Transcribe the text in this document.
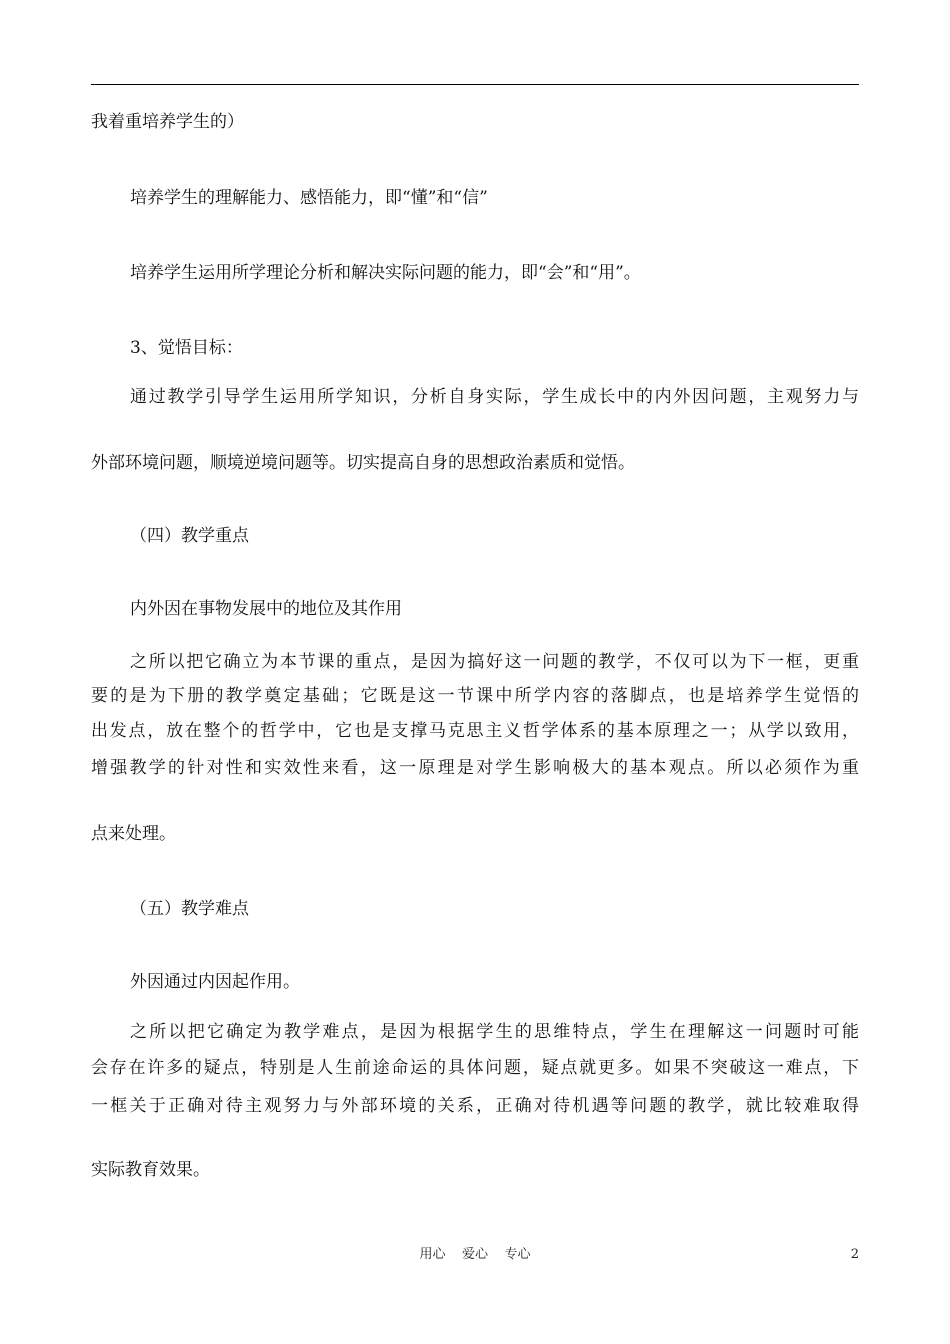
我着重培养学生的）
培养学生的理解能力、感悟能力，即“懂”和“信”
培养学生运用所学理论分析和解决实际问题的能力，即“会”和“用”。
3、觉悟目标：
通过教学引导学生运用所学知识，分析自身实际，学生成长中的内外因问题，主观努力与
外部环境问题，顺境逆境问题等。切实提高自身的思想政治素质和觉悟。
（四）教学重点
内外因在事物发展中的地位及其作用
之所以把它确立为本节课的重点，是因为搞好这一问题的教学，不仅可以为下一框，更重
要的是为下册的教学奠定基础；它既是这一节课中所学内容的落脚点，也是培养学生觉悟的
出发点，放在整个的哲学中，它也是支撑马克思主义哲学体系的基本原理之一；从学以致用，
增强教学的针对性和实效性来看，这一原理是对学生影响极大的基本观点。所以必须作为重
点来处理。
（五）教学难点
外因通过内因起作用。
之所以把它确定为教学难点，是因为根据学生的思维特点，学生在理解这一问题时可能
会存在许多的疑点，特别是人生前途命运的具体问题，疑点就更多。如果不突破这一难点，下
一框关于正确对待主观努力与外部环境的关系，正确对待机遇等问题的教学，就比较难取得
实际教育效果。
用心    爱心    专心	2
